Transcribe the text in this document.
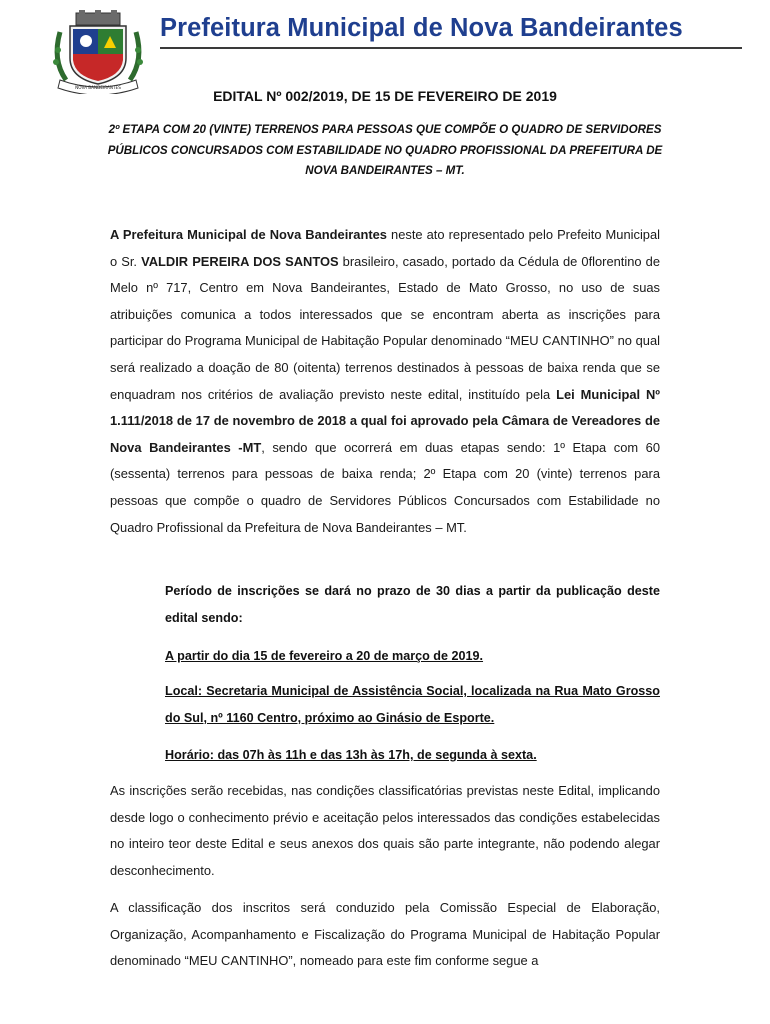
NOVA BANDEIRANTES
Prefeitura Municipal de Nova Bandeirantes
EDITAL Nº 002/2019, DE 15 DE FEVEREIRO DE 2019
2º ETAPA COM 20 (VINTE) TERRENOS PARA PESSOAS QUE COMPÕE O QUADRO DE SERVIDORES PÚBLICOS CONCURSADOS COM ESTABILIDADE NO QUADRO PROFISSIONAL DA PREFEITURA DE NOVA BANDEIRANTES – MT.
A Prefeitura Municipal de Nova Bandeirantes neste ato representado pelo Prefeito Municipal o Sr. VALDIR PEREIRA DOS SANTOS brasileiro, casado, portado da Cédula de 0florentino de Melo nº 717, Centro em Nova Bandeirantes, Estado de Mato Grosso, no uso de suas atribuições comunica a todos interessados que se encontram aberta as inscrições para participar do Programa Municipal de Habitação Popular denominado “MEU CANTINHO” no qual será realizado a doação de 80 (oitenta) terrenos destinados à pessoas de baixa renda que se enquadram nos critérios de avaliação previsto neste edital, instituído pela Lei Municipal Nº 1.111/2018 de 17 de novembro de 2018 a qual foi aprovado pela Câmara de Vereadores de Nova Bandeirantes -MT, sendo que ocorrerá em duas etapas sendo: 1º Etapa com 60 (sessenta) terrenos para pessoas de baixa renda; 2º Etapa com 20 (vinte) terrenos para pessoas que compõe o quadro de Servidores Públicos Concursados com Estabilidade no Quadro Profissional da Prefeitura de Nova Bandeirantes – MT.
Período de inscrições se dará no prazo de 30 dias a partir da publicação deste edital sendo:
A partir do dia 15 de fevereiro a 20 de março de 2019.
Local: Secretaria Municipal de Assistência Social, localizada na Rua Mato Grosso do Sul, nº 1160 Centro, próximo ao Ginásio de Esporte.
Horário: das 07h às 11h e das 13h às 17h, de segunda à sexta.
As inscrições serão recebidas, nas condições classificatórias previstas neste Edital, implicando desde logo o conhecimento prévio e aceitação pelos interessados das condições estabelecidas no inteiro teor deste Edital e seus anexos dos quais são parte integrante, não podendo alegar desconhecimento.
A classificação dos inscritos será conduzido pela Comissão Especial de Elaboração, Organização, Acompanhamento e Fiscalização do Programa Municipal de Habitação Popular denominado “MEU CANTINHO”, nomeado para este fim conforme segue a
